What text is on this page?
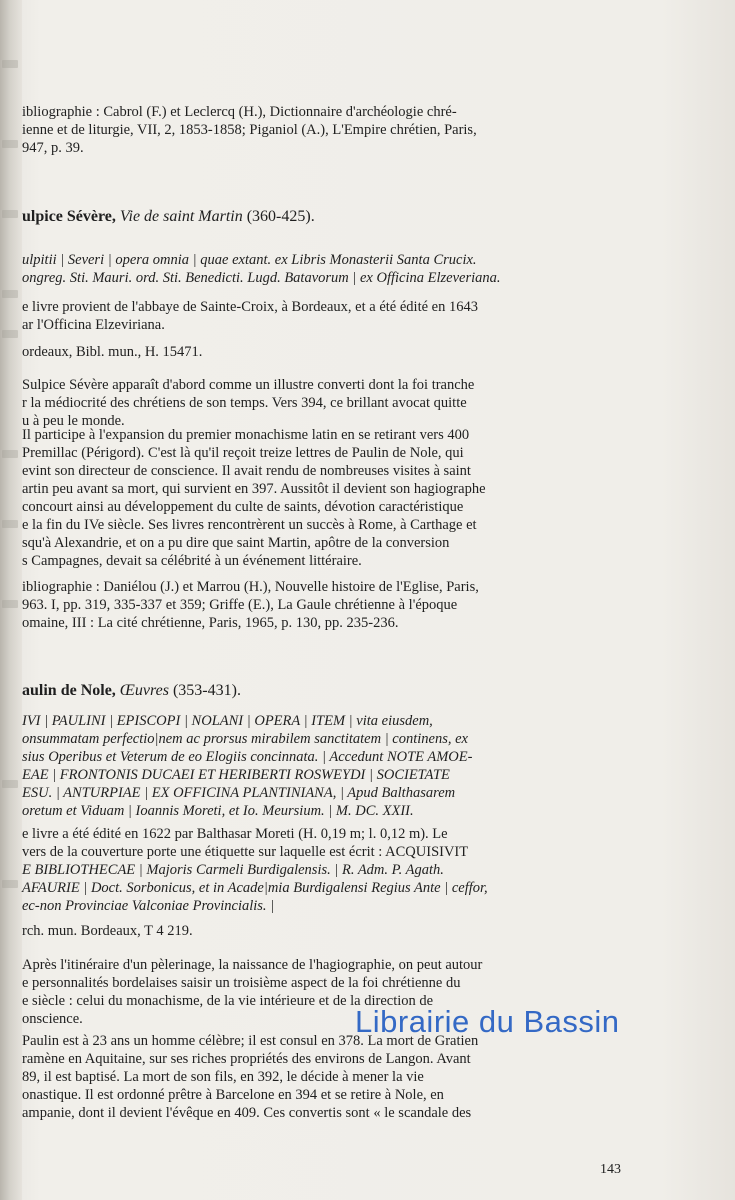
ibliographie : Cabrol (F.) et Leclercq (H.), Dictionnaire d'archéologie chré-

ienne et de liturgie, VII, 2, 1853-1858; Piganiol (A.), L'Empire chrétien, Paris,

947, p. 39.

ulpice Sévère, Vie de saint Martin (360-425).

ulpitii | Severi | opera omnia | quae extant. ex Libris Monasterii Santa Crucix.

ongreg. Sti. Mauri. ord. Sti. Benedicti. Lugd. Batavorum | ex Officina Elzeveriana.

e livre provient de l'abbaye de Sainte-Croix, à Bordeaux, et a été édité en 1643

ar l'Officina Elzeviriana.

ordeaux, Bibl. mun., H. 15471.

Sulpice Sévère apparaît d'abord comme un illustre converti dont la foi tranche

r la médiocrité des chrétiens de son temps. Vers 394, ce brillant avocat quitte

u à peu le monde.

Il participe à l'expansion du premier monachisme latin en se retirant vers 400

Premillac (Périgord). C'est là qu'il reçoit treize lettres de Paulin de Nole, qui

evint son directeur de conscience. Il avait rendu de nombreuses visites à saint

artin peu avant sa mort, qui survient en 397. Aussitôt il devient son hagiographe

concourt ainsi au développement du culte de saints, dévotion caractéristique

e la fin du IVe siècle. Ses livres rencontrèrent un succès à Rome, à Carthage et

squ'à Alexandrie, et on a pu dire que saint Martin, apôtre de la conversion

s Campagnes, devait sa célébrité à un événement littéraire.

ibliographie : Daniélou (J.) et Marrou (H.), Nouvelle histoire de l'Eglise, Paris,

963. I, pp. 319, 335-337 et 359; Griffe (E.), La Gaule chrétienne à l'époque

omaine, III : La cité chrétienne, Paris, 1965, p. 130, pp. 235-236.

aulin de Nole, Œuvres (353-431).

IVI | PAULINI | EPISCOPI | NOLANI | OPERA | ITEM | vita eiusdem,

onsummatam perfectio|nem ac prorsus mirabilem sanctitatem | continens, ex

sius Operibus et Veterum de eo Elogiis concinnata. | Accedunt NOTE AMOE-

EAE | FRONTONIS DUCAEI ET HERIBERTI ROSWEYDI | SOCIETATE

ESU. | ANTURPIAE | EX OFFICINA PLANTINIANA, | Apud Balthasarem

oretum et Viduam | Ioannis Moreti, et Io. Meursium. | M. DC. XXII.

e livre a été édité en 1622 par Balthasar Moreti (H. 0,19 m; l. 0,12 m). Le

vers de la couverture porte une étiquette sur laquelle est écrit : ACQUISIVIT

E BIBLIOTHECAE | Majoris Carmeli Burdigalensis. | R. Adm. P. Agath.

AFAURIE | Doct. Sorbonicus, et in Acade|mia Burdigalensi Regius Ante | ceffor,

ec-non Provinciae Valconiae Provincialis. |

rch. mun. Bordeaux, T 4 219.

Après l'itinéraire d'un pèlerinage, la naissance de l'hagiographie, on peut autour

e personnalités bordelaises saisir un troisième aspect de la foi chrétienne du

e siècle : celui du monachisme, de la vie intérieure et de la direction de

onscience.

Paulin est à 23 ans un homme célèbre; il est consul en 378. La mort de Gratien

ramène en Aquitaine, sur ses riches propriétés des environs de Langon. Avant

89, il est baptisé. La mort de son fils, en 392, le décide à mener la vie

onastique. Il est ordonné prêtre à Barcelone en 394 et se retire à Nole, en

ampanie, dont il devient l'évêque en 409. Ces convertis sont « le scandale des

143
Librairie du Bassin
